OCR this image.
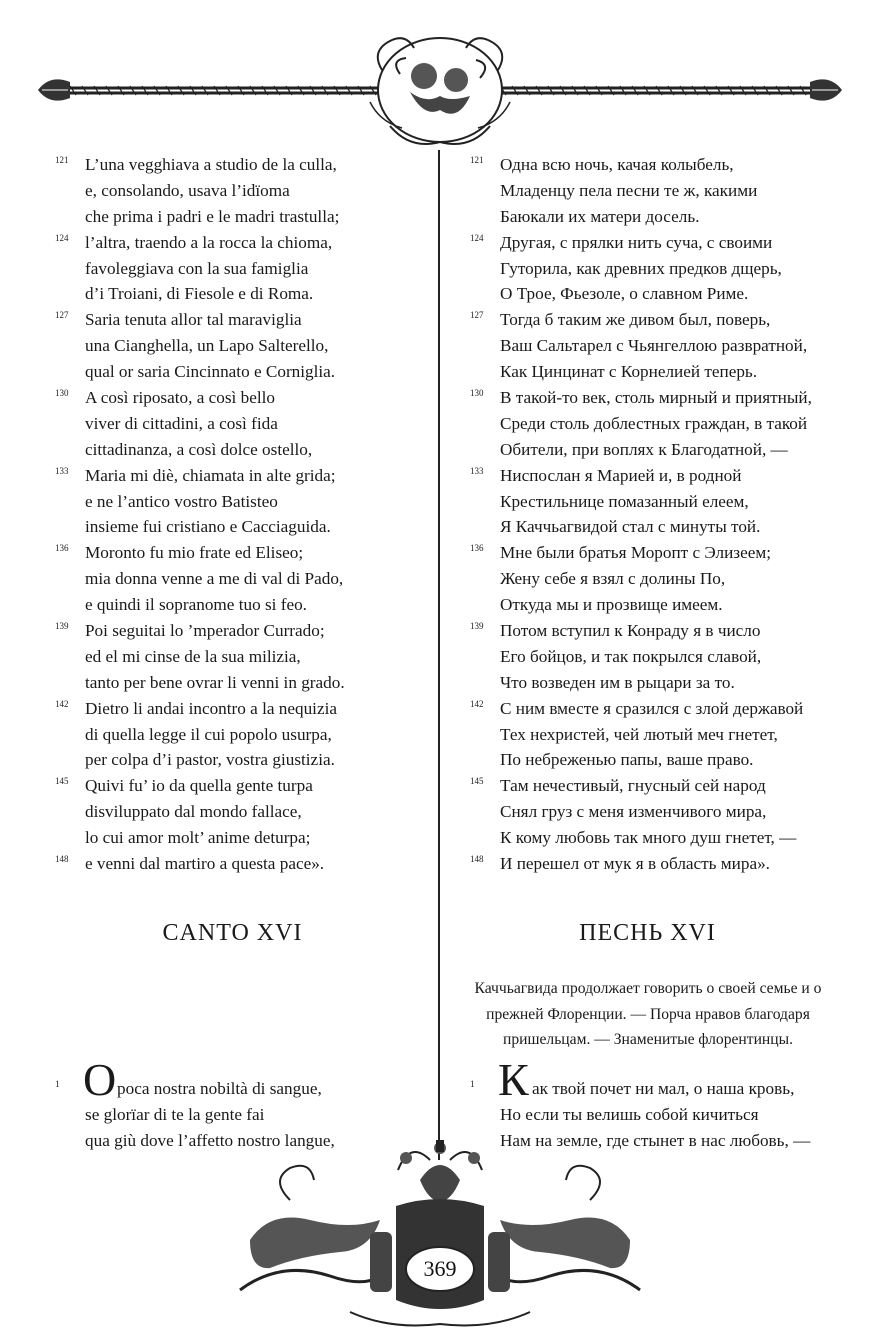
121 L’una vegghiava a studio de la culla,
e, consolando, usava l’idïoma
che prima i padri e le madri trastulla;
124 l’altra, traendo a la rocca la chioma,
favoleggiava con la sua famiglia
d’i Troiani, di Fiesole e di Roma.
127 Saria tenuta allor tal maraviglia
una Cianghella, un Lapo Salterello,
qual or saria Cincinnato e Corniglia.
130 A così riposato, a così bello
viver di cittadini, a così fida
cittadinanza, a così dolce ostello,
133 Maria mi diè, chiamata in alte grida;
e ne l’antico vostro Batisteo
insieme fui cristiano e Cacciaguida.
136 Moronto fu mio frate ed Eliseo;
mia donna venne a me di val di Pado,
e quindi il sopranome tuo si feo.
139 Poi seguitai lo ’mperador Currado;
ed el mi cinse de la sua milizia,
tanto per bene ovrar li venni in grado.
142 Dietro li andai incontro a la nequizia
di quella legge il cui popolo usurpa,
per colpa d’i pastor, vostra giustizia.
145 Quivi fu’ io da quella gente turpa
disviluppato dal mondo fallace,
lo cui amor molt’ anime deturpa;
148 e venni dal martiro a questa pace».
121 Одна всю ночь, качая колыбель,
Младенцу пела песни те ж, какими
Баюкали их матери досель.
124 Другая, с прялки нить суча, с своими
Гуторила, как древних предков дщерь,
О Трое, Фьезоле, о славном Риме.
127 Тогда б таким же дивом был, поверь,
Ваш Сальтарел с Чьянгеллою развратной,
Как Цинцинат с Корнелией теперь.
130 В такой-то век, столь мирный и приятный,
Среди столь доблестных граждан, в такой
Обители, при воплях к Благодатной, —
133 Ниспослан я Марией и, в родной
Крестильнице помазанный елеем,
Я Каччьагвидой стал с минуты той.
136 Мне были братья Моропт с Элизеем;
Жену себе я взял с долины По,
Откуда мы и прозвище имеем.
139 Потом вступил к Конраду я в число
Его бойцов, и так покрылся славой,
Что возведен им в рыцари за то.
142 С ним вместе я сразился с злой державой
Тех нехристей, чей лютый меч гнетет,
По небреженью папы, ваше право.
145 Там нечестивый, гнусный сей народ
Снял груз с меня изменчивого мира,
К кому любовь так много душ гнетет, —
148 И перешел от мук я в область мира».
CANTO XVI	ПЕСНЬ XVI
Каччьагвида продолжает говорить о своей семье и о прежней Флоренции. — Порча нравов благодаря пришельцам. — Знаменитые флорентинцы.
1 O poca nostra nobiltà di sangue,
se glorïar di te la gente fai
qua giù dove l’affetto nostro langue,
1 К ак твой почет ни мал, о наша кровь,
Но если ты велишь собой кичиться
Нам на земле, где стынет в нас любовь, —
369
